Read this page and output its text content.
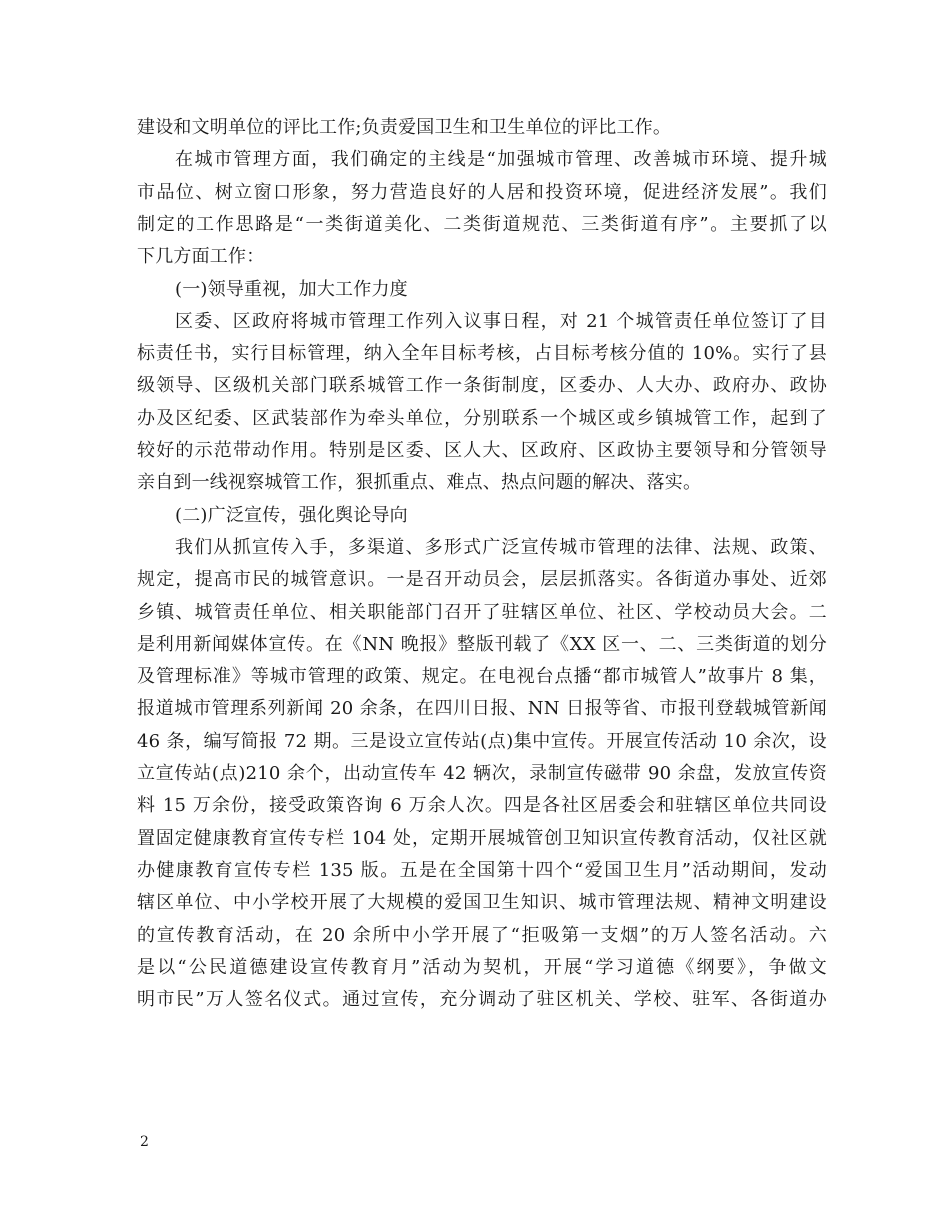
建设和文明单位的评比工作;负责爱国卫生和卫生单位的评比工作。
在城市管理方面，我们确定的主线是“加强城市管理、改善城市环境、提升城
市品位、树立窗口形象，努力营造良好的人居和投资环境，促进经济发展”。我们
制定的工作思路是“一类街道美化、二类街道规范、三类街道有序”。主要抓了以
下几方面工作：
(一)领导重视，加大工作力度
区委、区政府将城市管理工作列入议事日程，对 21 个城管责任单位签订了目
标责任书，实行目标管理，纳入全年目标考核，占目标考核分值的 10%。实行了县
级领导、区级机关部门联系城管工作一条街制度，区委办、人大办、政府办、政协
办及区纪委、区武装部作为牵头单位，分别联系一个城区或乡镇城管工作，起到了
较好的示范带动作用。特别是区委、区人大、区政府、区政协主要领导和分管领导
亲自到一线视察城管工作，狠抓重点、难点、热点问题的解决、落实。
(二)广泛宣传，强化舆论导向
我们从抓宣传入手，多渠道、多形式广泛宣传城市管理的法律、法规、政策、
规定，提高市民的城管意识。一是召开动员会，层层抓落实。各街道办事处、近郊
乡镇、城管责任单位、相关职能部门召开了驻辖区单位、社区、学校动员大会。二
是利用新闻媒体宣传。在《NN 晚报》整版刊载了《XX 区一、二、三类街道的划分
及管理标准》等城市管理的政策、规定。在电视台点播“都市城管人”故事片 8 集，
报道城市管理系列新闻 20 余条，在四川日报、NN 日报等省、市报刊登载城管新闻
46 条，编写简报 72 期。三是设立宣传站(点)集中宣传。开展宣传活动 10 余次，设
立宣传站(点)210 余个，出动宣传车 42 辆次，录制宣传磁带 90 余盘，发放宣传资
料 15 万余份，接受政策咨询 6 万余人次。四是各社区居委会和驻辖区单位共同设
置固定健康教育宣传专栏 104 处，定期开展城管创卫知识宣传教育活动，仅社区就
办健康教育宣传专栏 135 版。五是在全国第十四个“爱国卫生月”活动期间，发动
辖区单位、中小学校开展了大规模的爱国卫生知识、城市管理法规、精神文明建设
的宣传教育活动，在 20 余所中小学开展了“拒吸第一支烟”的万人签名活动。六
是以“公民道德建设宣传教育月”活动为契机，开展“学习道德《纲要》，争做文
明市民”万人签名仪式。通过宣传，充分调动了驻区机关、学校、驻军、各街道办
2
